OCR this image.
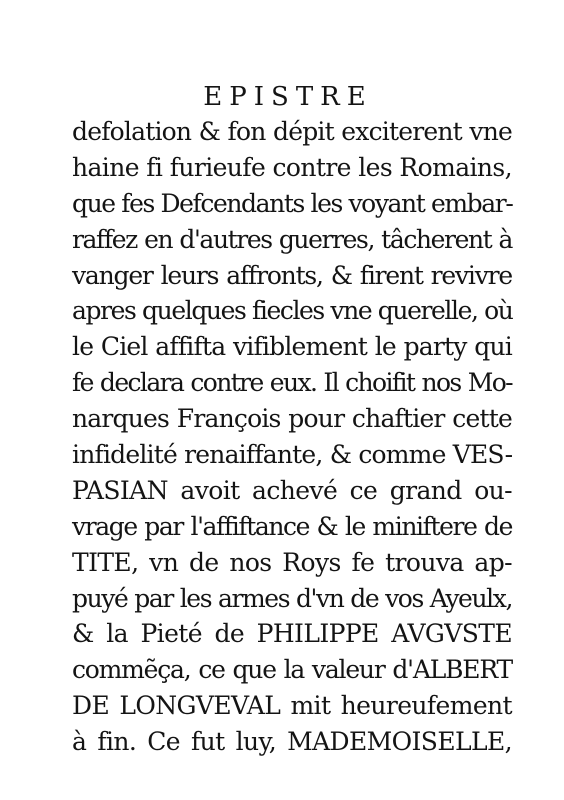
EPISTRE
defolation & fon dépit exciterent vne
haine fi furieufe contre les Romains,
que fes Defcendants les voyant embar-
raffez en d'autres guerres, tâcherent à
vanger leurs affronts, & firent revivre
apres quelques fiecles vne querelle, où
le Ciel affifta vifiblement le party qui
fe declara contre eux. Il choifit nos Mo-
narques François pour chaftier cette
infidelité renaiffante, & comme VES-
PASIAN avoit achevé ce grand ou-
vrage par l'affiftance & le miniftere de
TITE, vn de nos Roys fe trouva ap-
puyé par les armes d'vn de vos Ayeulx,
& la Pieté de PHILIPPE AVGVSTE
commẽça, ce que la valeur d'ALBERT
DE LONGVEVAL mit heureufement
à fin. Ce fut luy, MADEMOISELLE,
